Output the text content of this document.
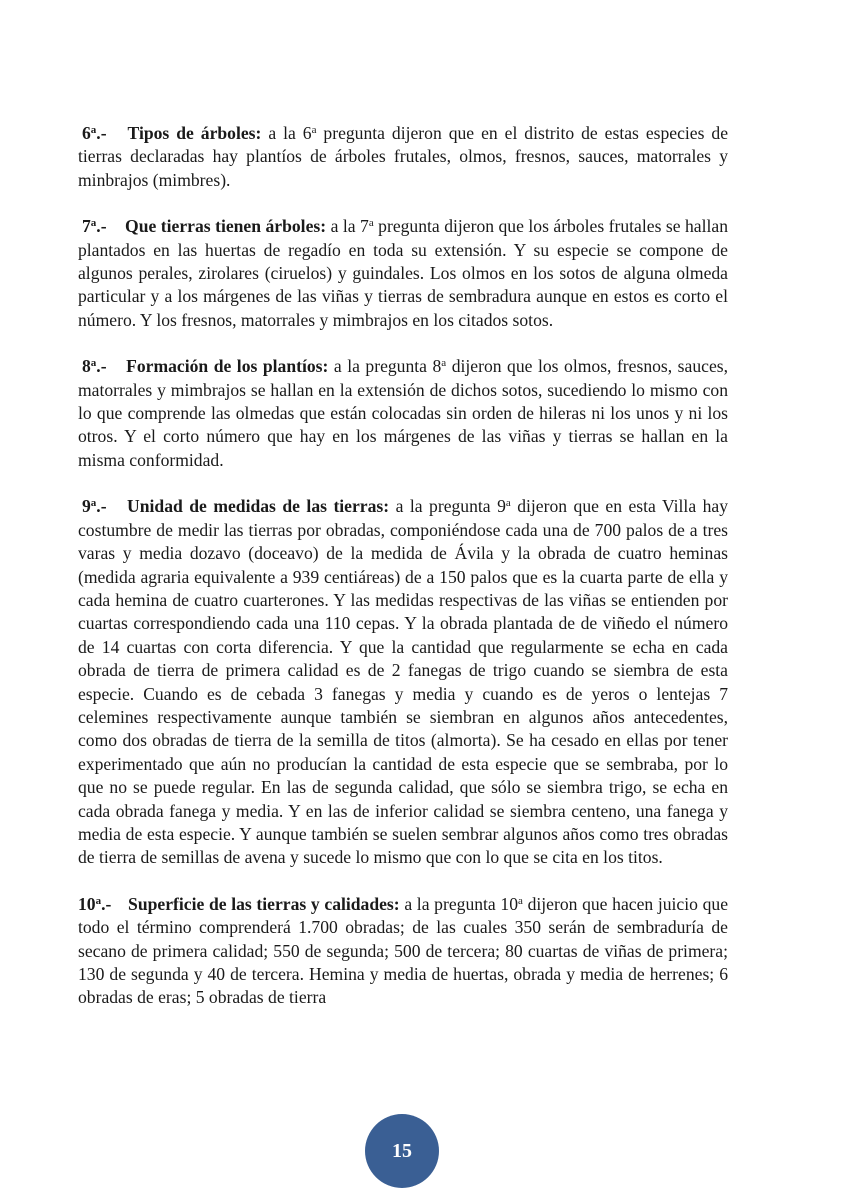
6$^a$.- Tipos de árboles: a la 6$^a$ pregunta dijeron que en el distrito de estas especies de tierras declaradas hay plantíos de árboles frutales, olmos, fresnos, sauces, matorrales y minbrajos (mimbres).

7$^a$.- Que tierras tienen árboles: a la 7$^a$ pregunta dijeron que los árboles frutales se hallan plantados en las huertas de regadío en toda su extensión. Y su especie se compone de algunos perales, zirolares (ciruelos) y guindales. Los olmos en los sotos de alguna olmeda particular y a los márgenes de las viñas y tierras de sembradura aunque en estos es corto el número. Y los fresnos, matorrales y mimbrajos en los citados sotos.

8$^a$.- Formación de los plantíos: a la pregunta 8$^a$ dijeron que los olmos, fresnos, sauces, matorrales y mimbrajos se hallan en la extensión de dichos sotos, sucediendo lo mismo con lo que comprende las olmedas que están colocadas sin orden de hileras ni los unos y ni los otros. Y el corto número que hay en los márgenes de las viñas y tierras se hallan en la misma conformidad.

9$^a$.- Unidad de medidas de las tierras: a la pregunta 9$^a$ dijeron que en esta Villa hay costumbre de medir las tierras por obradas, componiéndose cada una de 700 palos de a tres varas y media dozavo (doceavo) de la medida de Ávila y la obrada de cuatro heminas (medida agraria equivalente a 939 centiáreas) de a 150 palos que es la cuarta parte de ella y cada hemina de cuatro cuarterones. Y las medidas respectivas de las viñas se entienden por cuartas correspondiendo cada una 110 cepas. Y la obrada plantada de de viñedo el número de 14 cuartas con corta diferencia. Y que la cantidad que regularmente se echa en cada obrada de tierra de primera calidad es de 2 fanegas de trigo cuando se siembra de esta especie. Cuando es de cebada 3 fanegas y media y cuando es de yeros o lentejas 7 celemines respectivamente aunque también se siembran en algunos años antecedentes, como dos obradas de tierra de la semilla de titos (almorta). Se ha cesado en ellas por tener experimentado que aún no producían la cantidad de esta especie que se sembraba, por lo que no se puede regular. En las de segunda calidad, que sólo se siembra trigo, se echa en cada obrada fanega y media. Y en las de inferior calidad se siembra centeno, una fanega y media de esta especie. Y aunque también se suelen sembrar algunos años como tres obradas de tierra de semillas de avena y sucede lo mismo que con lo que se cita en los titos.

10$^a$.- Superficie de las tierras y calidades: a la pregunta 10$^a$ dijeron que hacen juicio que todo el término comprenderá 1.700 obradas; de las cuales 350 serán de sembraduría de secano de primera calidad; 550 de segunda; 500 de tercera; 80 cuartas de viñas de primera; 130 de segunda y 40 de tercera. Hemina y media de huertas, obrada y media de herrenes; 6 obradas de eras; 5 obradas de tierra

15
